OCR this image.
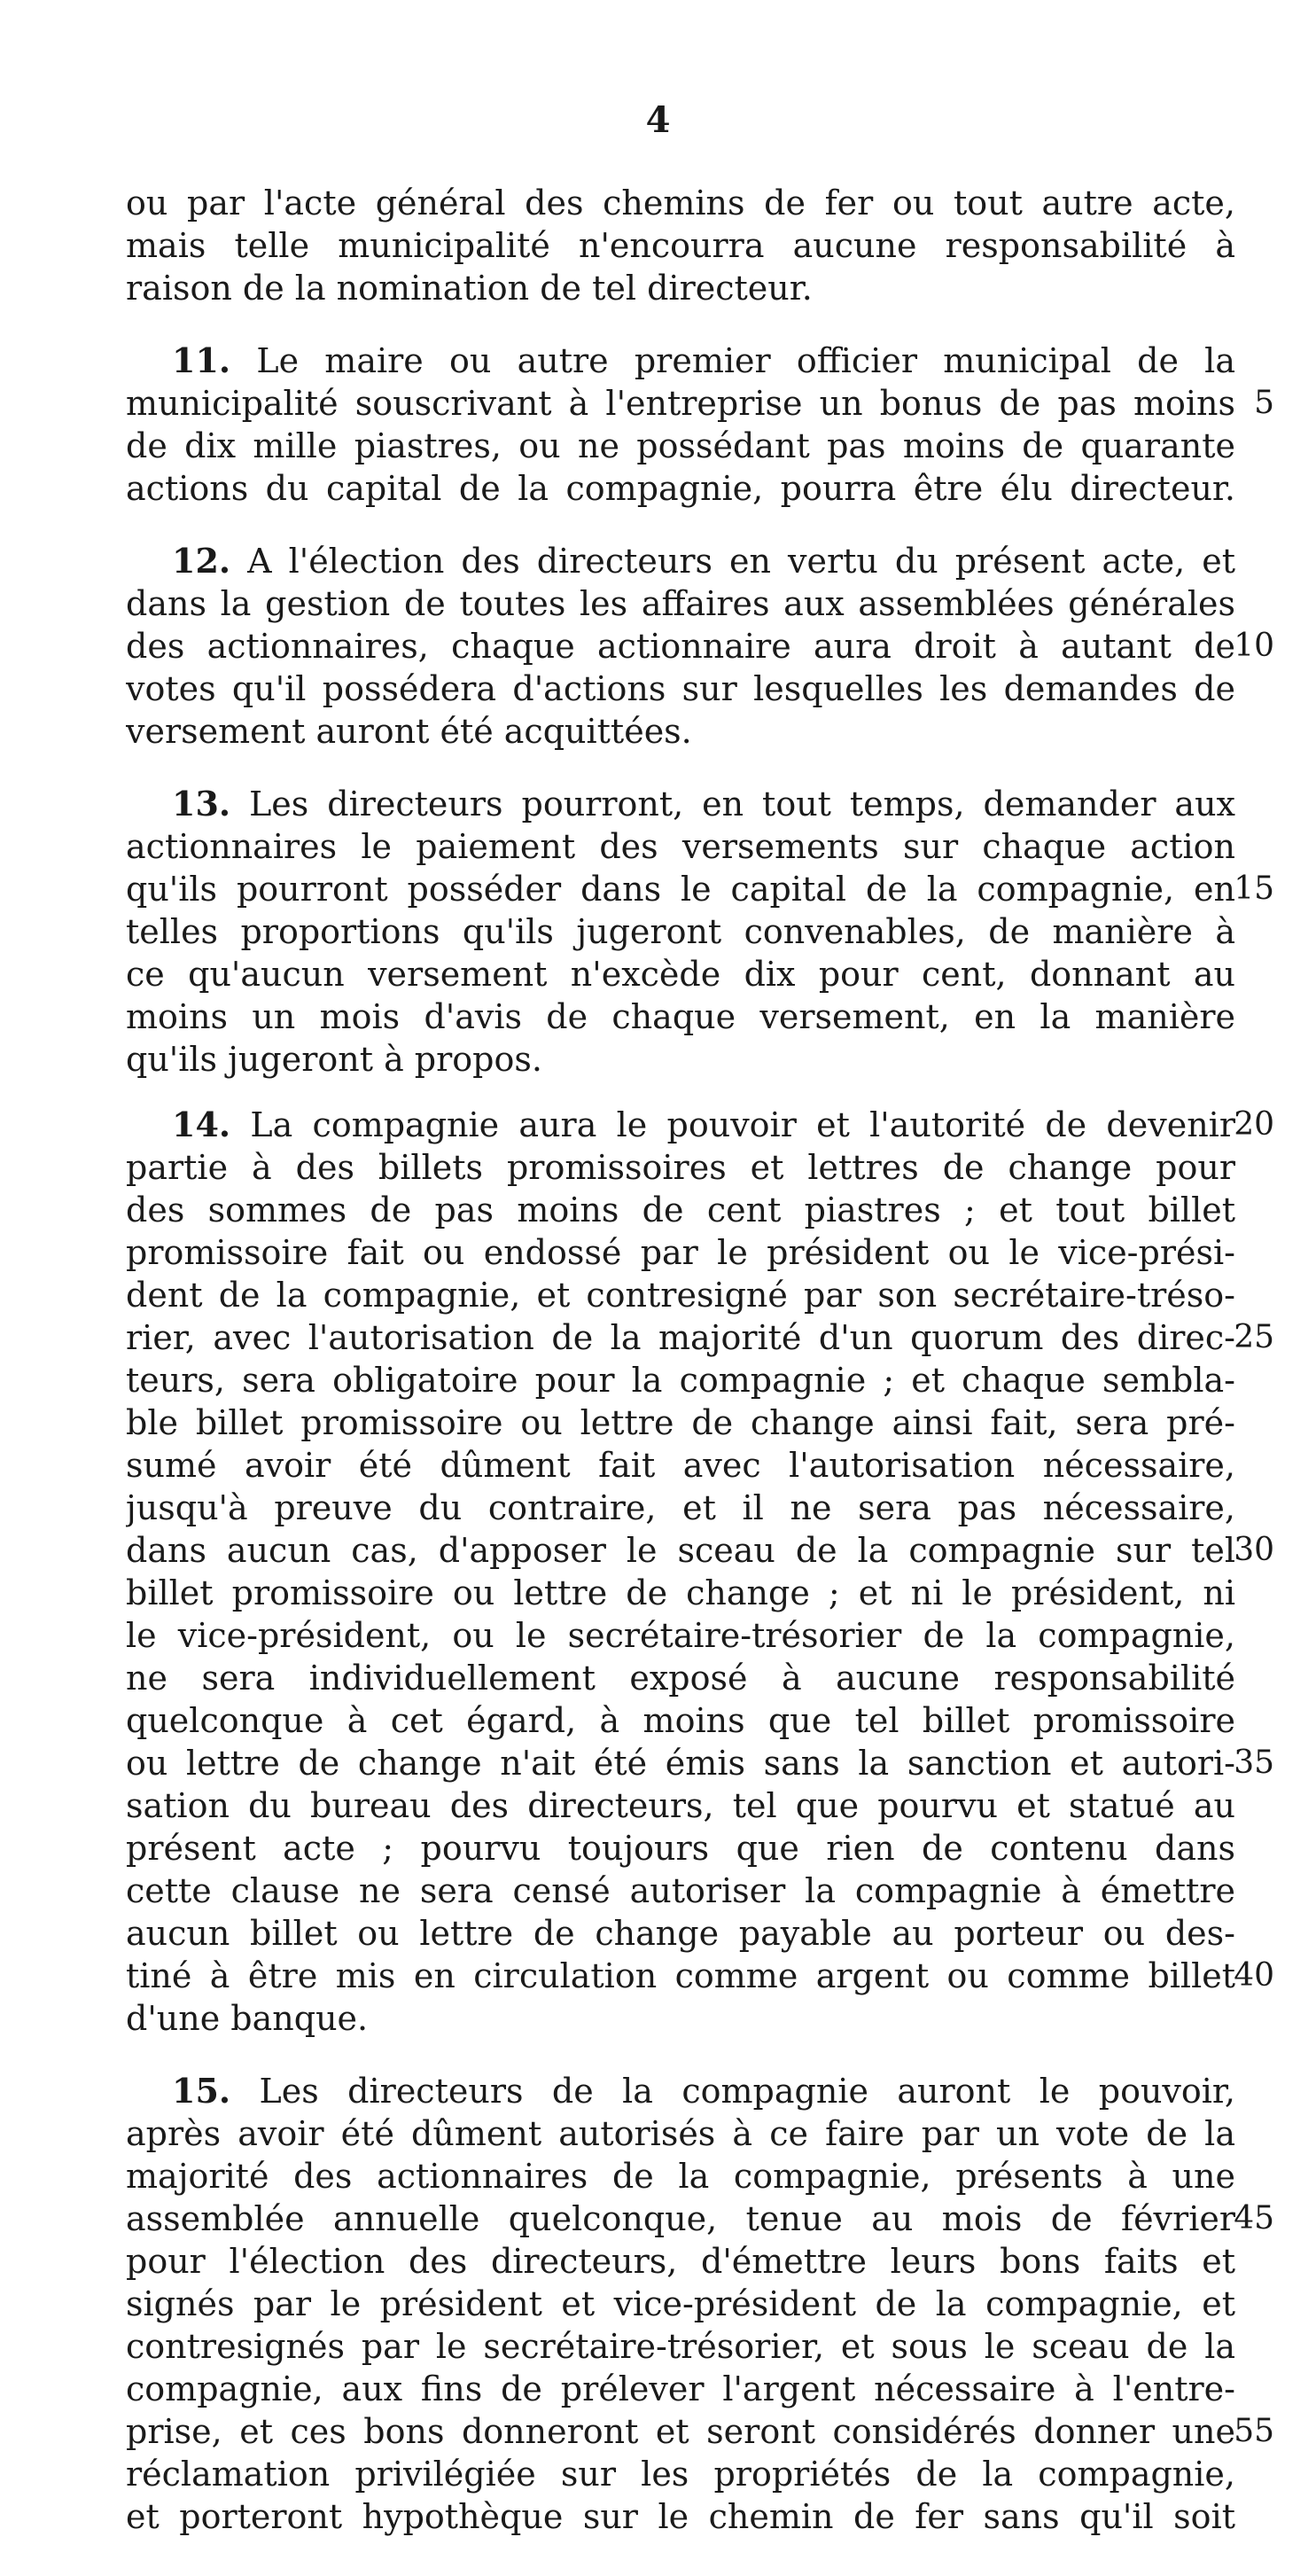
4
ou par l'acte général des chemins de fer ou tout autre acte,
mais telle municipalité n'encourra aucune responsabilité à
raison de la nomination de tel directeur.
11. Le maire ou autre premier officier municipal de la
municipalité souscrivant à l'entreprise un bonus de pas moins
de dix mille piastres, ou ne possédant pas moins de quarante
actions du capital de la compagnie, pourra être élu directeur.
12. A l'élection des directeurs en vertu du présent acte, et
dans la gestion de toutes les affaires aux assemblées générales
des actionnaires, chaque actionnaire aura droit à autant de
votes qu'il possédera d'actions sur lesquelles les demandes de
versement auront été acquittées.
13. Les directeurs pourront, en tout temps, demander aux
actionnaires le paiement des versements sur chaque action
qu'ils pourront posséder dans le capital de la compagnie, en
telles proportions qu'ils jugeront convenables, de manière à
ce qu'aucun versement n'excède dix pour cent, donnant au
moins un mois d'avis de chaque versement, en la manière
qu'ils jugeront à propos.
14. La compagnie aura le pouvoir et l'autorité de devenir
partie à des billets promissoires et lettres de change pour
des sommes de pas moins de cent piastres ; et tout billet
promissoire fait ou endossé par le président ou le vice-prési-
dent de la compagnie, et contresigné par son secrétaire-tréso-
rier, avec l'autorisation de la majorité d'un quorum des direc-
teurs, sera obligatoire pour la compagnie ; et chaque sembla-
ble billet promissoire ou lettre de change ainsi fait, sera pré-
sumé avoir été dûment fait avec l'autorisation nécessaire,
jusqu'à preuve du contraire, et il ne sera pas nécessaire,
dans aucun cas, d'apposer le sceau de la compagnie sur tel
billet promissoire ou lettre de change ; et ni le président, ni
le vice-président, ou le secrétaire-trésorier de la compagnie,
ne sera individuellement exposé à aucune responsabilité
quelconque à cet égard, à moins que tel billet promissoire
ou lettre de change n'ait été émis sans la sanction et autori-
sation du bureau des directeurs, tel que pourvu et statué au
présent acte ; pourvu toujours que rien de contenu dans
cette clause ne sera censé autoriser la compagnie à émettre
aucun billet ou lettre de change payable au porteur ou des-
tiné à être mis en circulation comme argent ou comme billet
d'une banque.
15. Les directeurs de la compagnie auront le pouvoir,
après avoir été dûment autorisés à ce faire par un vote de la
majorité des actionnaires de la compagnie, présents à une
assemblée annuelle quelconque, tenue au mois de février
pour l'élection des directeurs, d'émettre leurs bons faits et
signés par le président et vice-président de la compagnie, et
contresignés par le secrétaire-trésorier, et sous le sceau de la
compagnie, aux fins de prélever l'argent nécessaire à l'entre-
prise, et ces bons donneront et seront considérés donner une
réclamation privilégiée sur les propriétés de la compagnie,
et porteront hypothèque sur le chemin de fer sans qu'il soit
5
10
15
20
25
30
35
40
45
55
